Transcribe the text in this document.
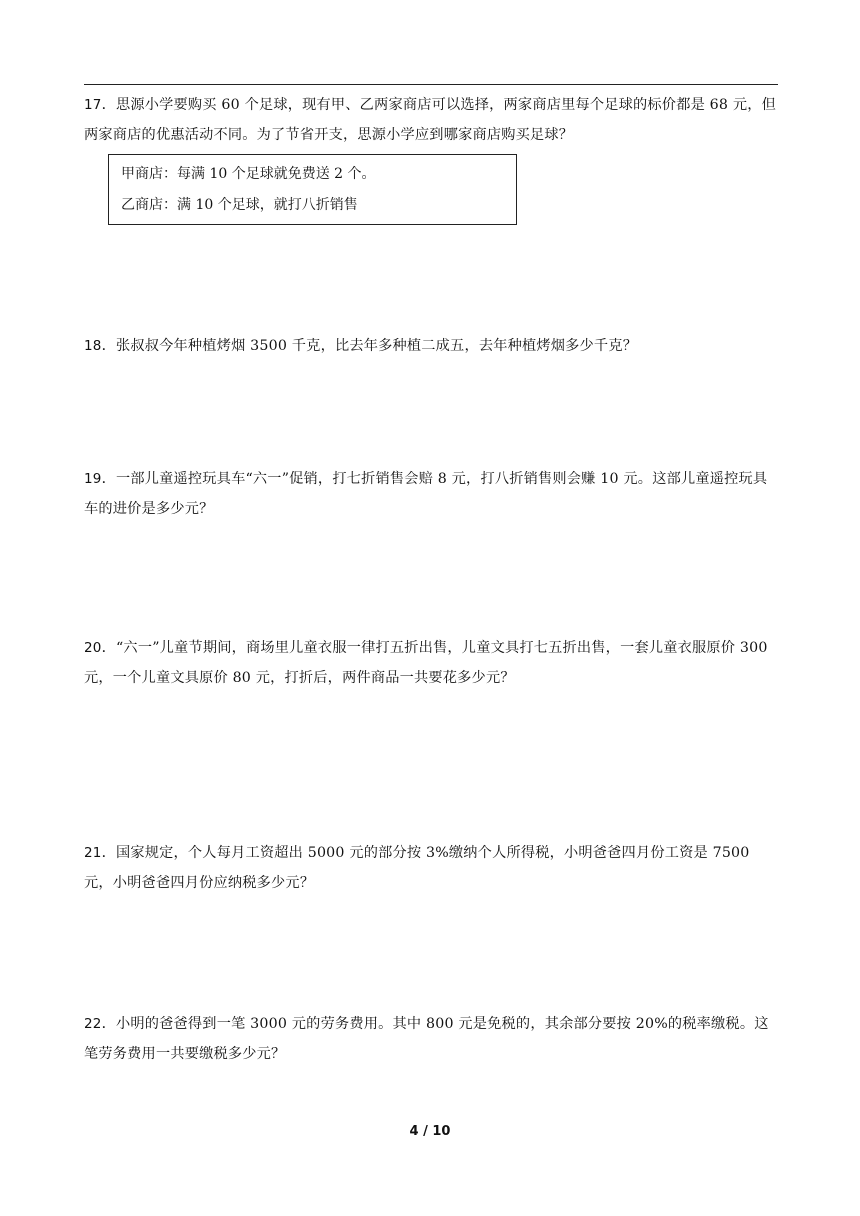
17．思源小学要购买 60 个足球，现有甲、乙两家商店可以选择，两家商店里每个足球的标价都是 68 元，但两家商店的优惠活动不同。为了节省开支，思源小学应到哪家商店购买足球？
甲商店：每满 10 个足球就免费送 2 个。
乙商店：满 10 个足球，就打八折销售
18．张叔叔今年种植烤烟 3500 千克，比去年多种植二成五，去年种植烤烟多少千克？
19．一部儿童遥控玩具车“六一”促销，打七折销售会赔 8 元，打八折销售则会赚 10 元。这部儿童遥控玩具车的进价是多少元？
20．“六一”儿童节期间，商场里儿童衣服一律打五折出售，儿童文具打七五折出售，一套儿童衣服原价 300 元，一个儿童文具原价 80 元，打折后，两件商品一共要花多少元？
21．国家规定，个人每月工资超出 5000 元的部分按 3%缴纳个人所得税，小明爸爸四月份工资是 7500 元，小明爸爸四月份应纳税多少元？
22．小明的爸爸得到一笔 3000 元的劳务费用。其中 800 元是免税的，其余部分要按 20%的税率缴税。这笔劳务费用一共要缴税多少元？
4 / 10
